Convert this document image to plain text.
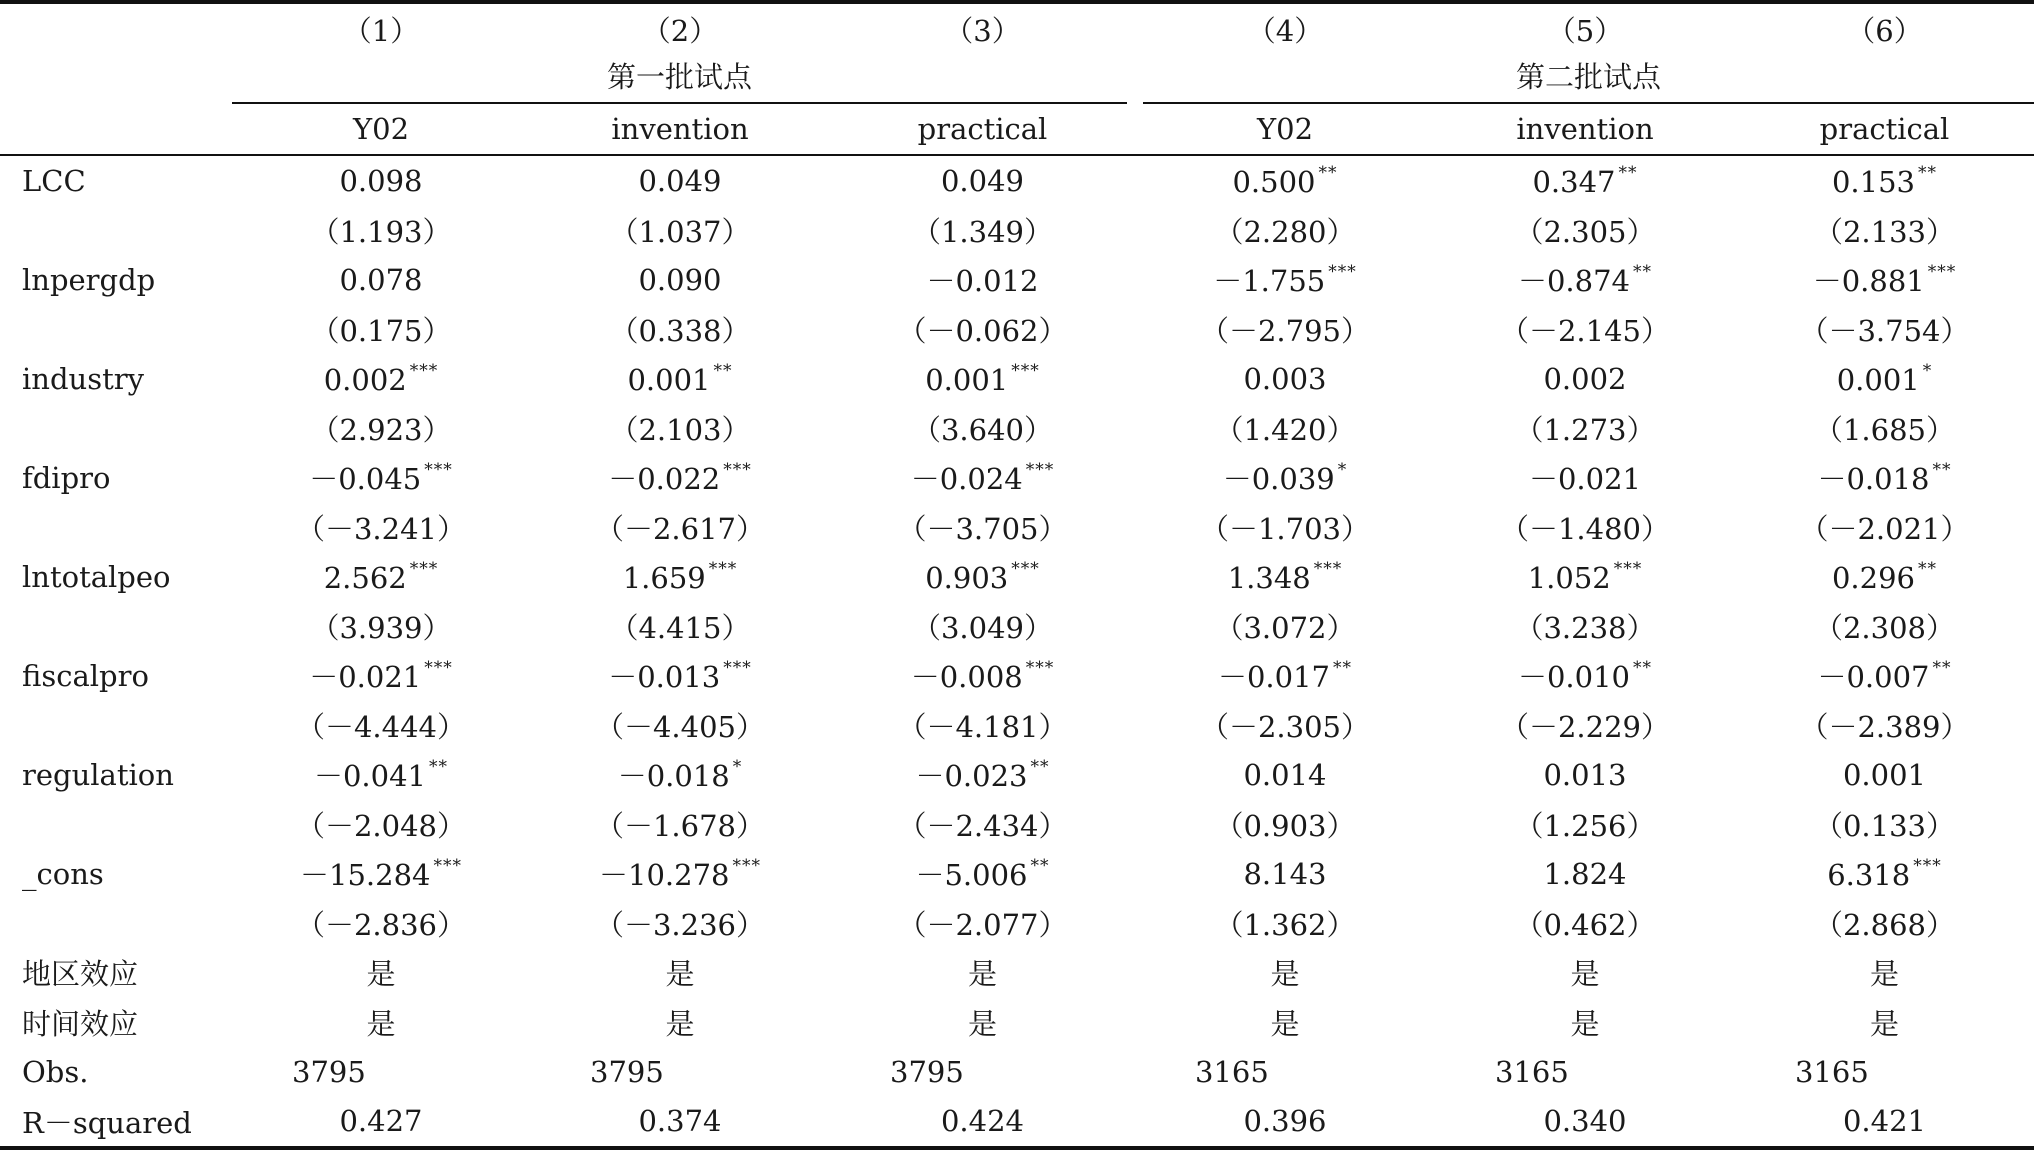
	（1）	（2）	（3）	（4）	（5）	（6）

第一批试点				第二批试点		

	Y02	invention	practical	Y02	invention	practical
LCC	0.098	0.049	0.049	0.500 **	0.347 **	0.153 **
	（1.193）	（1.037）	（1.349）	（2.280）	（2.305）	（2.133）
lnpergdp	0.078	0.090	－0.012	－1.755 ***	－0.874 **	－0.881 ***
	（0.175）	（0.338）	（－0.062）	（－2.795）	（－2.145）	（－3.754）
industry	0.002 ***	0.001 **	0.001 ***	0.003	0.002	0.001 *
	（2.923）	（2.103）	（3.640）	（1.420）	（1.273）	（1.685）
fdipro	－0.045 ***	－0.022 ***	－0.024 ***	－0.039 *	－0.021	－0.018 **
	（－3.241）	（－2.617）	（－3.705）	（－1.703）	（－1.480）	（－2.021）
lntotalpeo	2.562 ***	1.659 ***	0.903 ***	1.348 ***	1.052 ***	0.296 **
	（3.939）	（4.415）	（3.049）	（3.072）	（3.238）	（2.308）
fiscalpro	－0.021 ***	－0.013 ***	－0.008 ***	－0.017 **	－0.010 **	－0.007 **
	（－4.444）	（－4.405）	（－4.181）	（－2.305）	（－2.229）	（－2.389）
regulation	－0.041 **	－0.018 *	－0.023 **	0.014	0.013	0.001
	（－2.048）	（－1.678）	（－2.434）	（0.903）	（1.256）	（0.133）
_cons	－15.284 ***	－10.278 ***	－5.006 **	8.143	1.824	6.318 ***
	（－2.836）	（－3.236）	（－2.077）	（1.362）	（0.462）	（2.868）
地区效应	是	是	是	是	是	是
时间效应	是	是	是	是	是	是
Obs.	3795	3795	3795	3165	3165	3165
R－squared	0.427	0.374	0.424	0.396	0.340	0.421
